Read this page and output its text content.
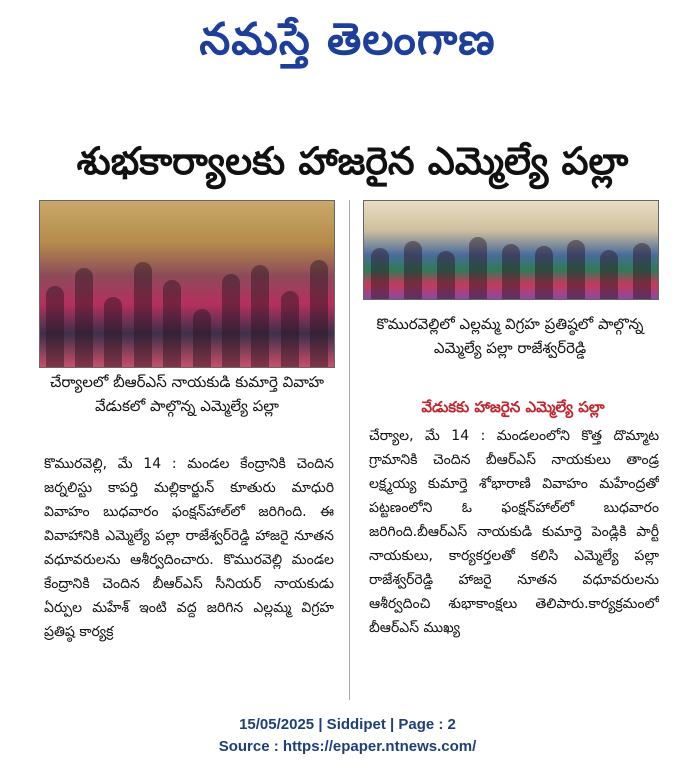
నమస్తే తెలంగాణ
శుభకార్యాలకు హాజరైన ఎమ్మెల్యే పల్లా
చేర్యాలలో బీఆర్‌ఎస్‌ నాయకుడి కుమార్తె వివాహ వేడుకలో పాల్గొన్న ఎమ్మెల్యే పల్లా
కొమురవెల్లిలో ఎల్లమ్మ విగ్రహ ప్రతిష్ఠలో పాల్గొన్న ఎమ్మెల్యే పల్లా రాజేశ్వర్‌రెడ్డి
వేడుకకు హాజరైన ఎమ్మెల్యే పల్లా
కొమురవెల్లి, మే 14 : మండల కేంద్రానికి చెందిన జర్నలిస్టు కాపర్తి మల్లికార్జున్‌ కూతురు మాధురి వివాహం బుధవారం ఫంక్షన్‌హాల్‌లో జరిగింది. ఈ వివాహానికి ఎమ్మెల్యే పల్లా రాజేశ్వర్‌రెడ్డి హాజరై నూతన వధూవరులను ఆశీర్వదించారు. కొమురవెల్లి మండల కేంద్రానికి చెందిన బీఆర్‌ఎస్‌ సీనియర్‌ నాయకుడు ఏర్పుల మహేశ్‌ ఇంటి వద్ద జరిగిన ఎల్లమ్మ విగ్రహ ప్రతిష్ఠ కార్యక్ర
చేర్యాల, మే 14 : మండలంలోని కొత్త దొమ్మాట గ్రామానికి చెందిన బీఆర్‌ఎస్‌ నాయకులు తాండ్ర లక్ష్మయ్య కుమార్తె శోభారాణి వివాహం మహేంద్రతో పట్టణంలోని ఓ ఫంక్షన్‌హాల్‌లో బుధవారం జరిగింది.బీఆర్‌ఎస్‌ నాయకుడి కుమార్తె పెండ్లికి పార్టీ నాయకులు, కార్యకర్తలతో కలిసి ఎమ్మెల్యే పల్లా రాజేశ్వర్‌రెడ్డి హాజరై నూతన వధూవరులను ఆశీర్వదించి శుభాకాంక్షలు తెలిపారు.కార్యక్రమంలో బీఆర్‌ఎస్‌ ముఖ్య
15/05/2025 | Siddipet | Page : 2
Source : https://epaper.ntnews.com/
